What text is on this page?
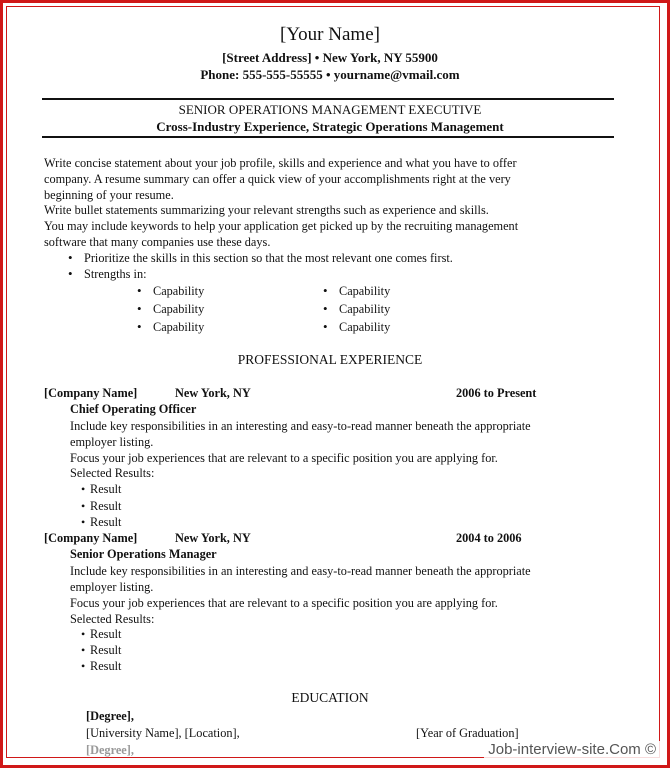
[Your Name]
[Street Address] • New York, NY 55900
Phone: 555-555-55555 • yourname@vmail.com
SENIOR OPERATIONS MANAGEMENT EXECUTIVE
Cross-Industry Experience, Strategic Operations Management
Write concise statement about your job profile, skills and experience and what you have to offer
company. A resume summary can offer a quick view of your accomplishments right at the very
beginning of your resume.
Write bullet statements summarizing your relevant strengths such as experience and skills.
You may include keywords to help your application get picked up by the recruiting management
software that many companies use these days.
• Prioritize the skills in this section so that the most relevant one comes first.
• Strengths in:
• Capability
• Capability
• Capability
• Capability
• Capability
• Capability
PROFESSIONAL EXPERIENCE
[Company Name]	New York, NY	2006 to Present
Chief Operating Officer
Include key responsibilities in an interesting and easy-to-read manner beneath the appropriate
employer listing.
Focus your job experiences that are relevant to a specific position you are applying for.
Selected Results:
• Result
• Result
• Result
[Company Name]	New York, NY	2004 to 2006
Senior Operations Manager
Include key responsibilities in an interesting and easy-to-read manner beneath the appropriate
employer listing.
Focus your job experiences that are relevant to a specific position you are applying for.
Selected Results:
• Result
• Result
• Result
EDUCATION
[Degree],
[University Name], [Location],	[Year of Graduation]
[Degree],	Job-interview-site.Com ©
